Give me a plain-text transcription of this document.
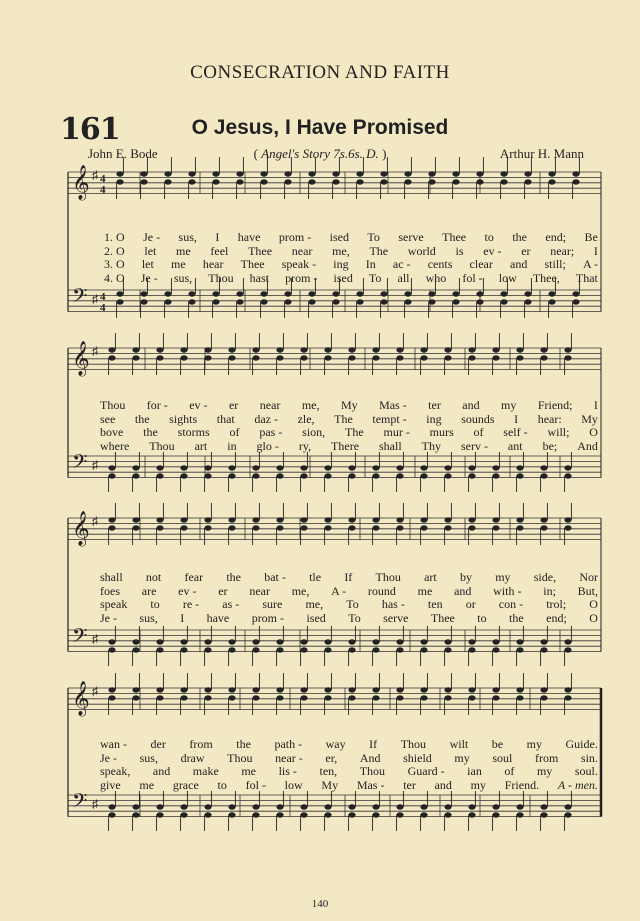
CONSECRATION AND FAITH
161	O Jesus, I Have Promised
John E. Bode	( Angel's Story 7s.6s. D. )	Arthur H. Mann
𝄞
𝄢
♯
♯
4
4
4
4
𝄞
𝄢
♯
♯
𝄞
𝄢
♯
♯
𝄞
𝄢
♯
♯
1. O Je - sus, I have prom - ised To serve Thee to the end; Be
2. O let me feel Thee near me, The world is ev - er near; I
3. O let me hear Thee speak - ing In ac - cents clear and still; A -
4. O Je - sus, Thou hast prom - ised To all who fol - low Thee, That
Thou for - ev - er near me, My Mas - ter and my Friend; I
see the sights that daz - zle, The tempt - ing sounds I hear: My
bove the storms of pas - sion, The mur - murs of self - will; O
where Thou art in glo - ry, There shall Thy serv - ant be; And
shall not fear the bat - tle If Thou art by my side, Nor
foes are ev - er near me, A - round me and with - in; But,
speak to re - as - sure me, To has - ten or con - trol; O
Je - sus, I have prom - ised To serve Thee to the end; O
wan - der from the path - way If Thou wilt be my Guide.
Je - sus, draw Thou near - er, And shield my soul from sin.
speak, and make me lis - ten, Thou Guard - ian of my soul.
give me grace to fol - low My Mas - ter and my Friend. A - men.
140
